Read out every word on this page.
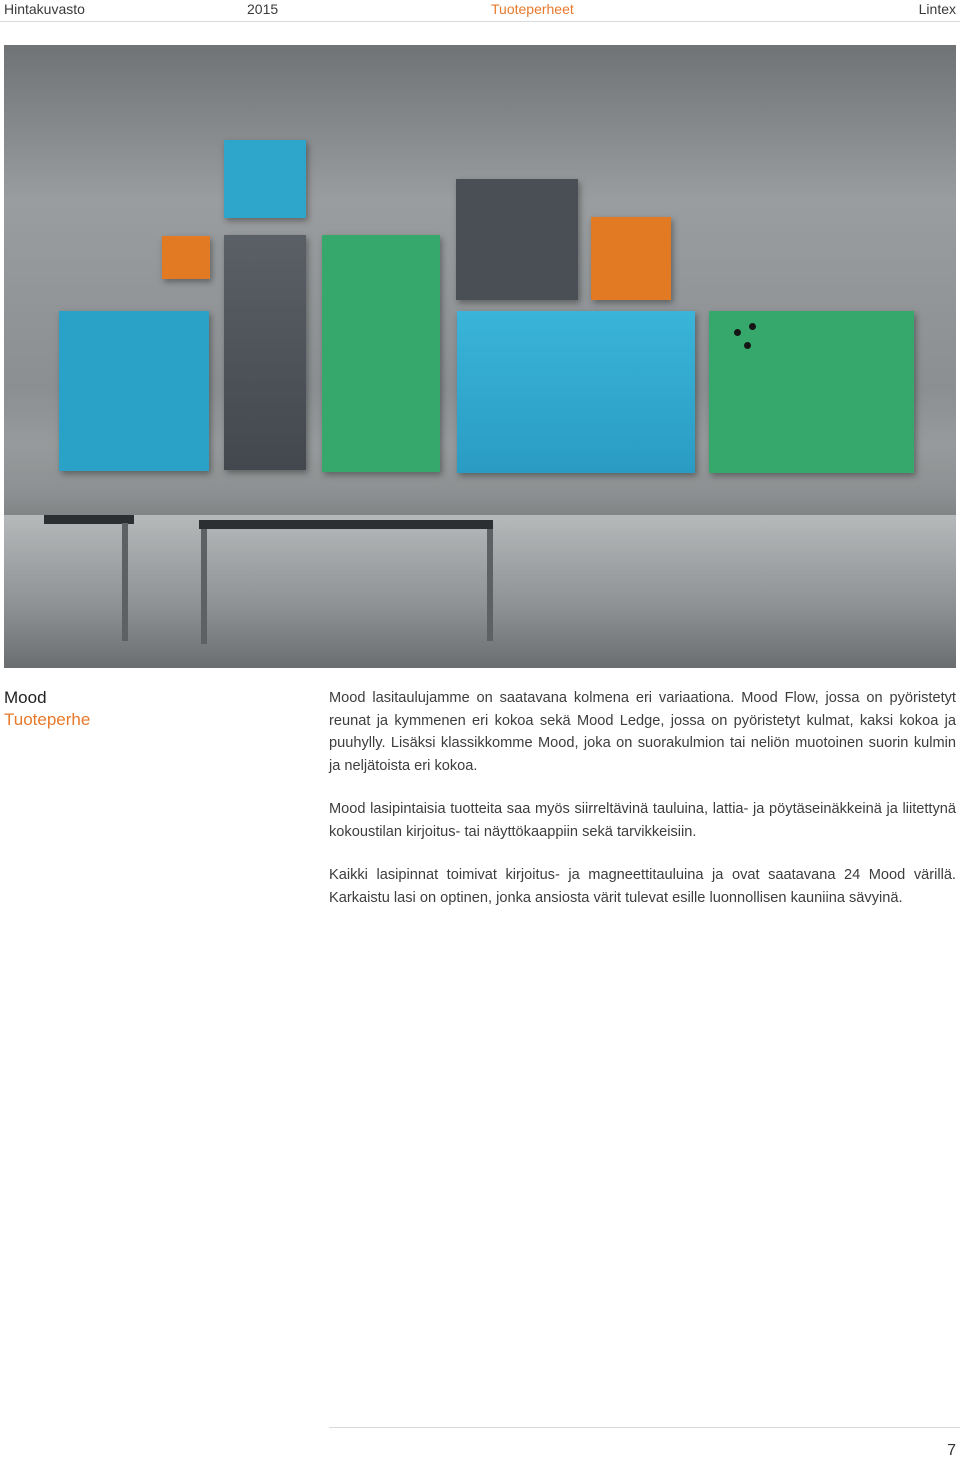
Hintakuvasto	2015	Tuoteperheet	Lintex
Mood
Tuoteperhe

Mood lasitaulujamme on saatavana kolmena eri variaationa. Mood Flow, jossa on pyöristetyt reunat ja kymmenen eri kokoa sekä Mood Ledge, jossa on pyöristetyt kulmat, kaksi kokoa ja puuhylly. Lisäksi klassikkomme Mood, joka on suorakulmion tai neliön muotoinen suorin kulmin ja neljätoista eri kokoa.

Mood lasipintaisia tuotteita saa myös siirreltävinä tauluina, lattia- ja pöytäseinäkkeinä ja liitettynä kokoustilan kirjoitus- tai näyttökaappiin sekä tarvikkeisiin.

Kaikki lasipinnat toimivat kirjoitus- ja magneettitauluina ja ovat saatavana 24 Mood värillä. Karkaistu lasi on optinen, jonka ansiosta värit tulevat esille luonnollisen kauniina sävyinä.

7
